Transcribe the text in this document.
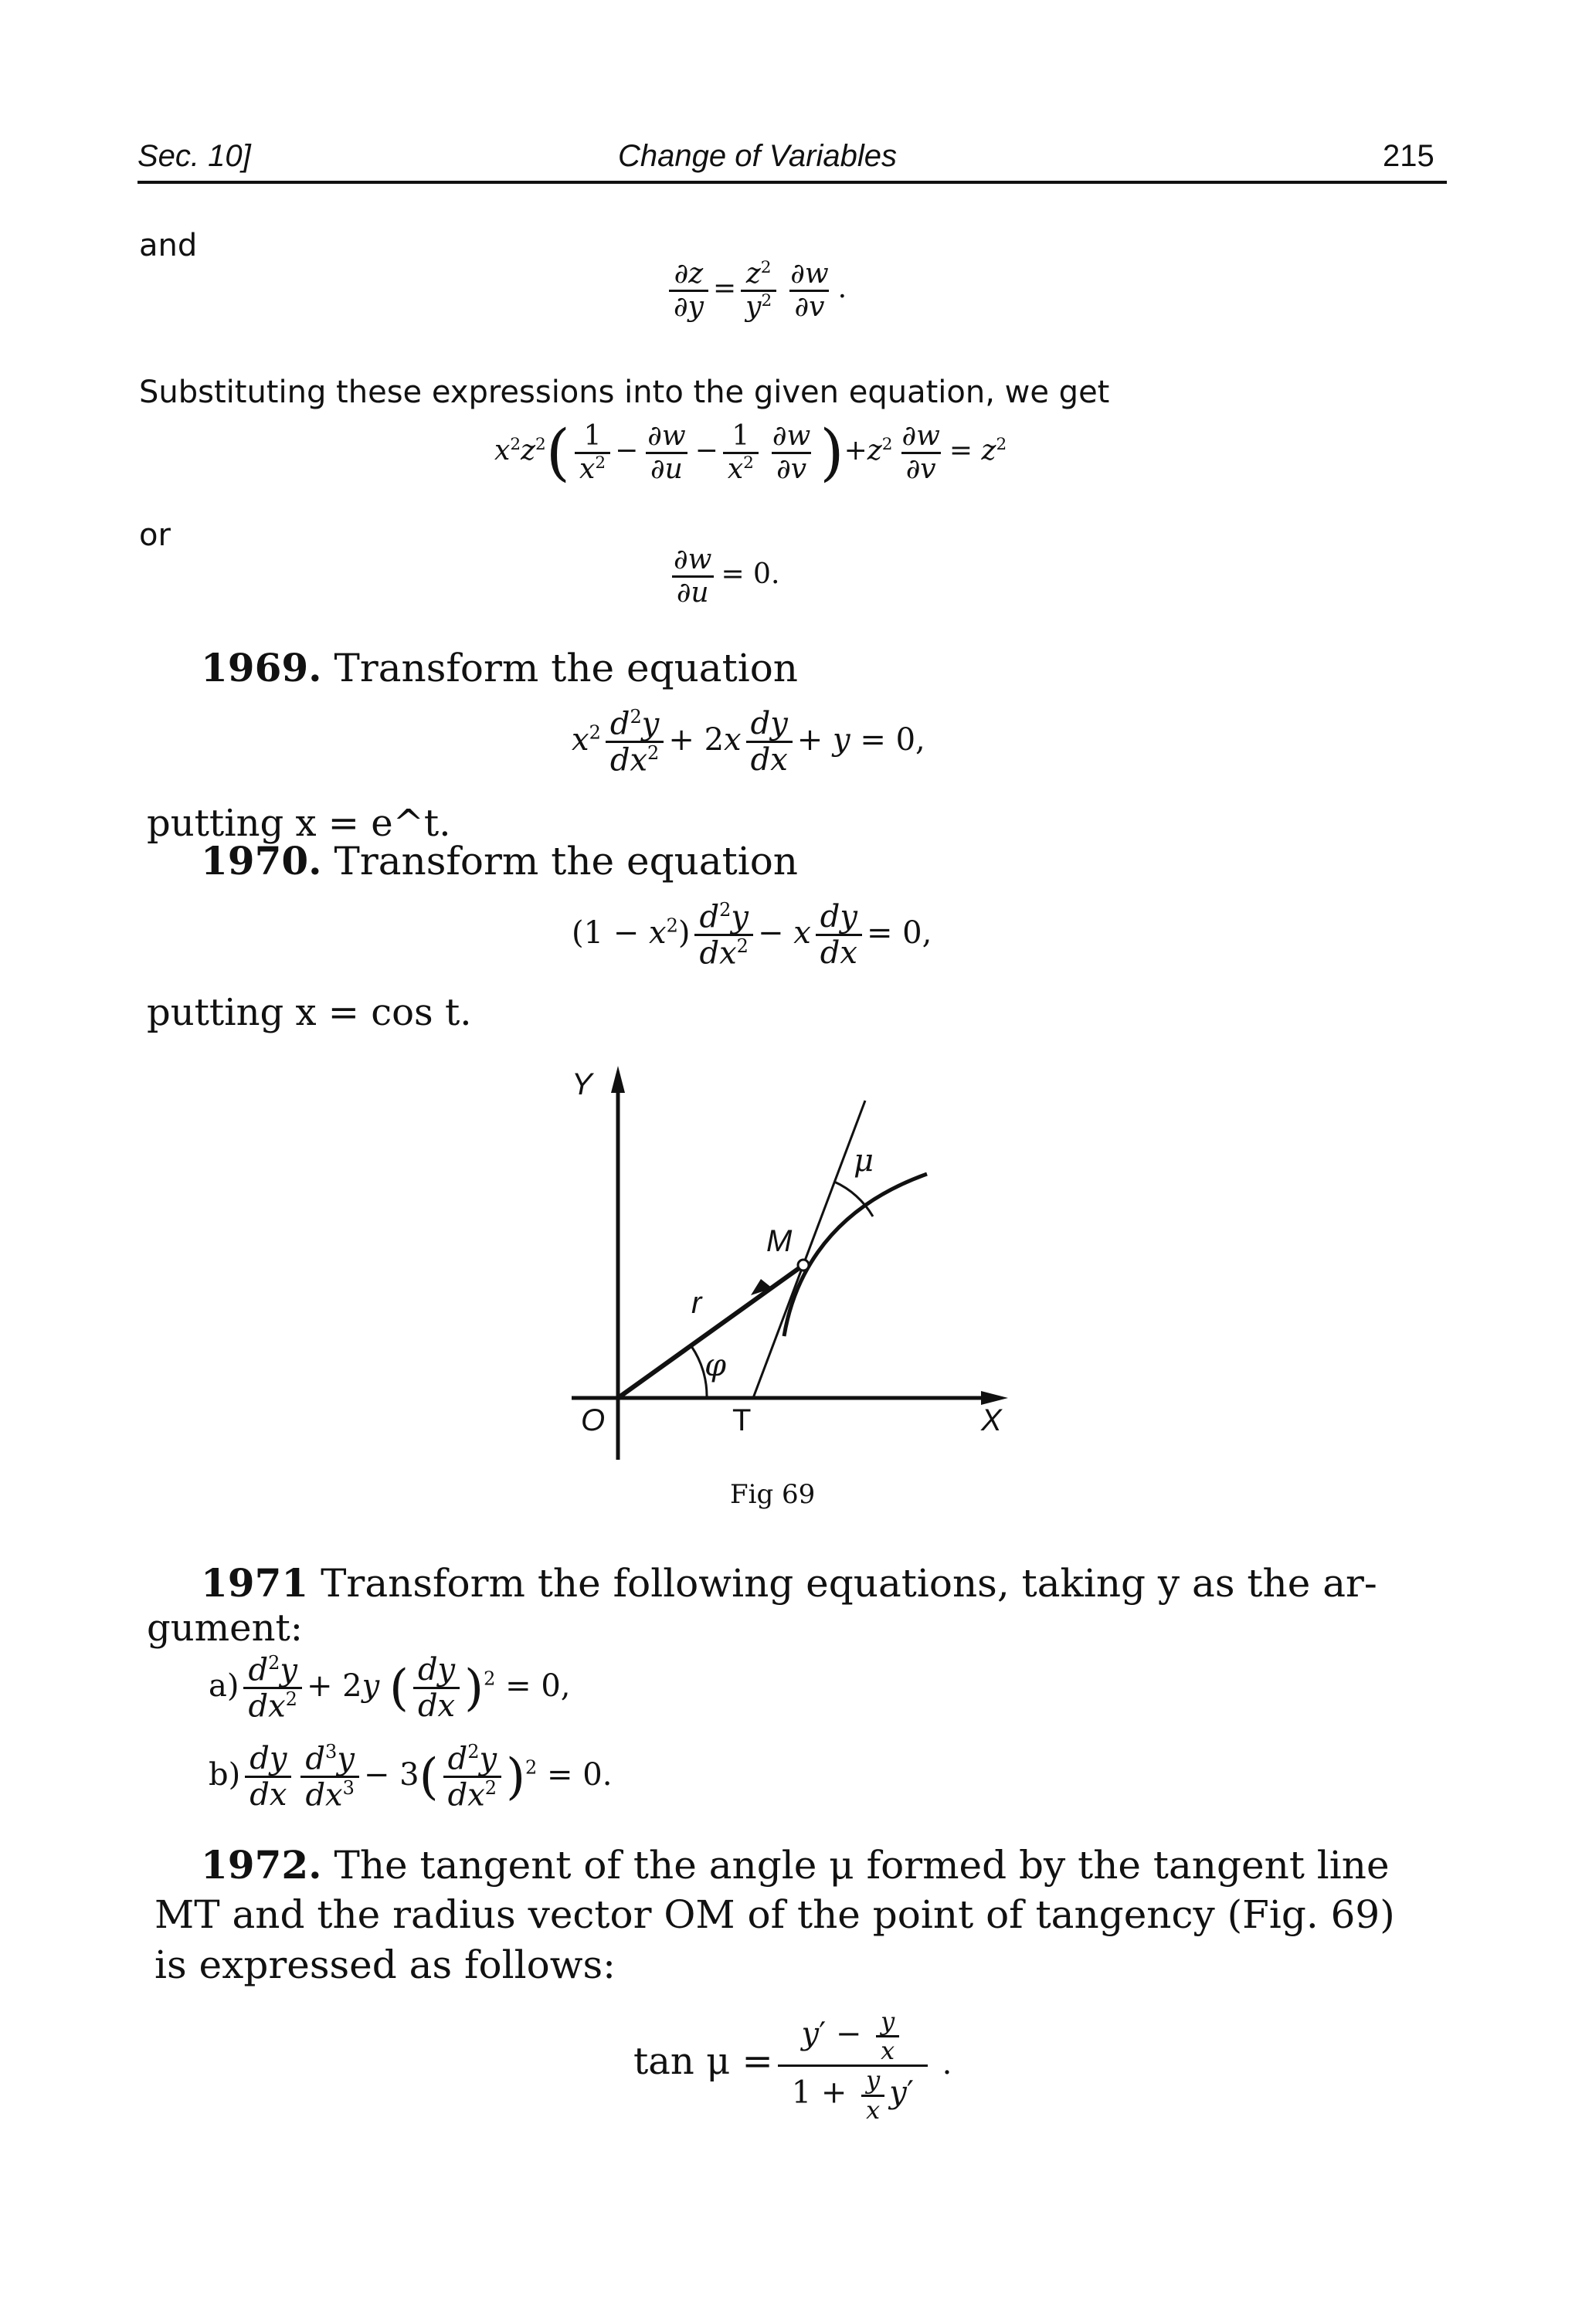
Sec. 10]	Change of Variables	215
and
$\frac{\partial z}{\partial y} = \frac{z^2}{y^2} \frac{\partial w}{\partial v}$ .
Substituting these expressions into the given equation, we get
$x^2z^2( \frac{1}{x^2} - \frac{\partial w}{\partial u} - \frac{1}{x^2} \frac{\partial w}{\partial v} )+z^2 \frac{\partial w}{\partial v} = z^2$
or
$\frac{\partial w}{\partial u} = 0$.
1969. Transform the equation
$x^2 \frac{d^2y}{dx^2} + 2x \frac{dy}{dx} + y = 0$,
putting x = e^t.
1970. Transform the equation
$(1 - x^2) \frac{d^2y}{dx^2} - x \frac{dy}{dx} = 0$,
putting x = cos t.
Y
X
O	T
M
r
φ
μ
Fig 69
1971 Transform the following equations, taking y as the ar-
gument:
$a) \frac{d^2y}{dx^2} + 2y$ ( $\frac{dy}{dx} )^2 = 0$,
$b) \frac{dy}{dx} \frac{d^3y}{dx^3} - 3( \frac{d^2y}{dx^2} )^2 = 0$.
1972. The tangent of the angle μ formed by the tangent line
MT and the radius vector OM of the point of tangency (Fig. 69)
is expressed as follows:
$\tan \mu = \frac{y' - \frac{y}{x}}{1 + \frac{y}{x} y'}$ .
